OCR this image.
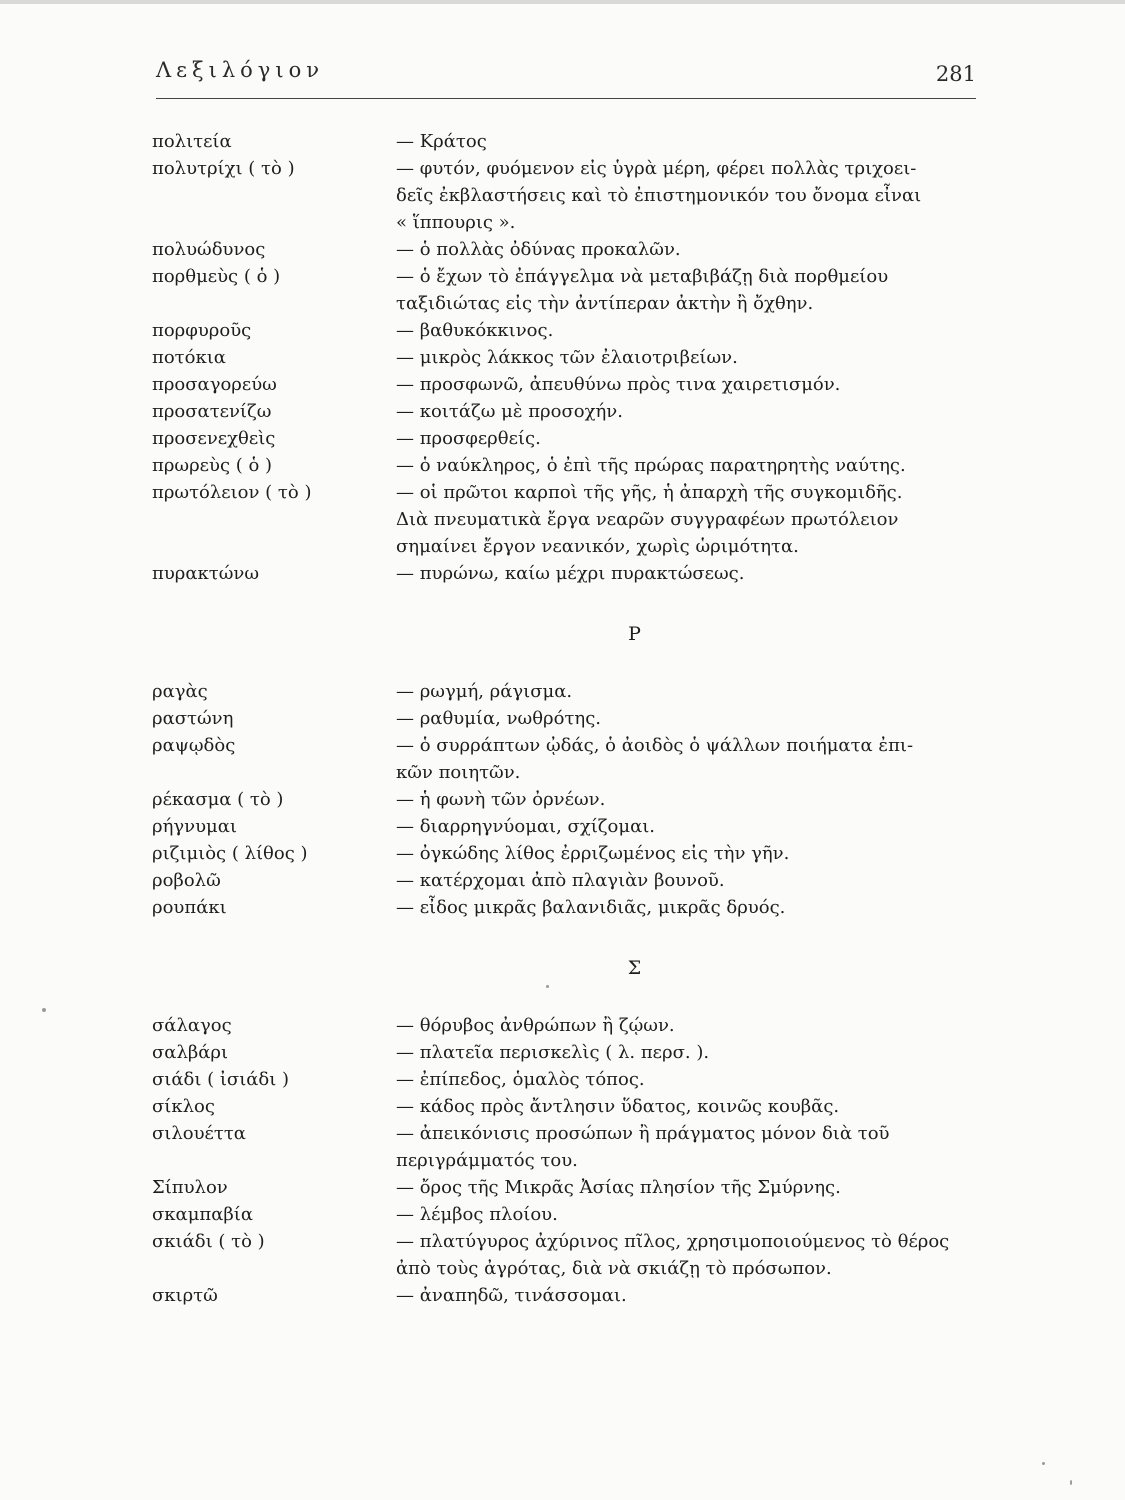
Λεξιλόγιον	281
πολιτεία	— Κράτος
πολυτρίχι ( τὸ )	— φυτόν, φυόμενον εἰς ὑγρὰ μέρη, φέρει πολλὰς τριχοει-
δεῖς ἐκβλαστήσεις καὶ τὸ ἐπιστημονικόν του ὄνομα εἶναι
« ἵππουρις ».
πολυώδυνος	— ὁ πολλὰς ὀδύνας προκαλῶν.
πορθμεὺς ( ὁ )	— ὁ ἔχων τὸ ἐπάγγελμα νὰ μεταβιβάζῃ διὰ πορθμείου
ταξιδιώτας εἰς τὴν ἀντίπεραν ἀκτὴν ἢ ὄχθην.
πορφυροῦς	— βαθυκόκκινος.
ποτόκια	— μικρὸς λάκκος τῶν ἐλαιοτριβείων.
προσαγορεύω	— προσφωνῶ, ἀπευθύνω πρὸς τινα χαιρετισμόν.
προσατενίζω	— κοιτάζω μὲ προσοχήν.
προσενεχθεὶς	— προσφερθείς.
πρωρεὺς ( ὁ )	— ὁ ναύκληρος, ὁ ἐπὶ τῆς πρώρας παρατηρητὴς ναύτης.
πρωτόλειον ( τὸ )	— οἱ πρῶτοι καρποὶ τῆς γῆς, ἡ ἀπαρχὴ τῆς συγκομιδῆς.
Διὰ πνευματικὰ ἔργα νεαρῶν συγγραφέων πρωτόλειον
σημαίνει ἔργον νεανικόν, χωρὶς ὡριμότητα.
πυρακτώνω	— πυρώνω, καίω μέχρι πυρακτώσεως.
Ρ
ραγὰς	— ρωγμή, ράγισμα.
ραστώνη	— ραθυμία, νωθρότης.
ραψῳδὸς	— ὁ συρράπτων ᾠδάς, ὁ ἀοιδὸς ὁ ψάλλων ποιήματα ἐπι-
κῶν ποιητῶν.
ρέκασμα ( τὸ )	— ἡ φωνὴ τῶν ὀρνέων.
ρήγνυμαι	— διαρρηγνύομαι, σχίζομαι.
ριζιμιὸς ( λίθος )	— ὀγκώδης λίθος ἐρριζωμένος εἰς τὴν γῆν.
ροβολῶ	— κατέρχομαι ἀπὸ πλαγιὰν βουνοῦ.
ρουπάκι	— εἶδος μικρᾶς βαλανιδιᾶς, μικρᾶς δρυός.
Σ
σάλαγος	— θόρυβος ἀνθρώπων ἢ ζῴων.
σαλβάρι	— πλατεῖα περισκελὶς ( λ. περσ. ).
σιάδι ( ἰσιάδι )	— ἐπίπεδος, ὁμαλὸς τόπος.
σίκλος	— κάδος πρὸς ἄντλησιν ὕδατος, κοινῶς κουβᾶς.
σιλουέττα	— ἀπεικόνισις προσώπων ἢ πράγματος μόνον διὰ τοῦ
περιγράμματός του.
Σίπυλον	— ὄρος τῆς Μικρᾶς Ἀσίας πλησίον τῆς Σμύρνης.
σκαμπαβία	— λέμβος πλοίου.
σκιάδι ( τὸ )	— πλατύγυρος ἀχύρινος πῖλος, χρησιμοποιούμενος τὸ θέρος
ἀπὸ τοὺς ἀγρότας, διὰ νὰ σκιάζῃ τὸ πρόσωπον.
σκιρτῶ	— ἀναπηδῶ, τινάσσομαι.
